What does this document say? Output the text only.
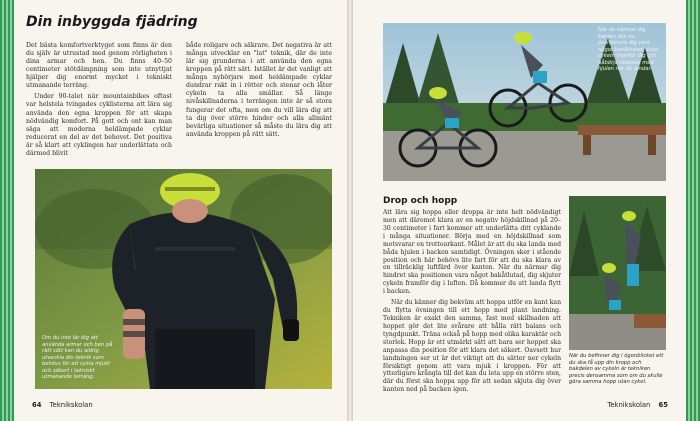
Din inbyggda fjädring

Det bästa komfortverktyget som finns är den du själv är utrustad med genom rörligheten i dina armar och ben. Du finns 40–50 centimeter stötdämpning som inte utnyttjat hjälper dig enormt mycket i tekniskt utmanande terräng.

Under 90-talet när mountainbikes oftast var helstela tvingades cyklisterna att lära sig använda den egna kroppen för att skapa nödvändig komfort. På gott och ont kan man säga att moderna heldämpade cyklar reducerat en del av det behovet. Det positiva är så klart att cyklingen har underlättats och därmed blivit

både roligare och säkrare. Det negativa är att många utvecklar en "lat" teknik, där de inte lär sig grunderna i att använda den egna kroppen på rätt sätt. Istället är det vanligt att många nybörjare med heldämpade cyklar dundrar rakt in i rötter och stenar och låter cykeln ta alla smällar. Så länge nivåskillnaderna i terrängen inte är så stora fungerar det ofta, men om du vill lära dig att ta dig över större hinder och alla allmänt bevärliga situationer så måste du lära dig att använda kroppen på rätt sätt.

Om du inte lär dig att använda armar och ben på rätt sätt kan du aldrig utveckla din teknik som behövs för att cykla mjukt och säkert i tekniskt utmanande terräng.
64 Teknikskolan
När du närmar dig kanten ska du positionera dig vara något bakåtlutad, skjut cykeln framför dig och påbörja rörelsen med hjulen när du landar.
Drop och hopp

Att lära sig hoppa eller droppa är inte helt nödvändigt men att däremot klara av en negativ höjdskillnad på 20–30 centimeter i fart kommer att underlätta ditt cyklande i många situationer. Börja med en höjdskillnad som motsvarar en trottoarkant. Målet är att du ska landa med båda hjulen i backen samtidigt. Övningen sker i stående position och här behövs lite fart för att du ska klara av en tillräcklig luftfärd över kanten. När du närmar dig hindret ska positionen vara något bakåtlutad, dig skjuter cykeln framför dig i luften. Då kommer du att landa flytt i backen.

När du känner dig bekväm att hoppa utför en kant kan du flytta övningen till ett hopp med plant landning. Tekniken är exakt den samma, fast med skillnaden att hoppet gör det lite svårare att hålla rätt balans och tyngdpunkt. Träna också på hopp med olika karaktär och storlek. Hopp är ett utmärkt sätt att bara ser hoppet ska anpassa din position för att klara det säkert. Oavsett hur landningen ser ut är det viktigt att du sätter ner cykeln försiktigt genom att vara mjuk i kroppen. För att ytterligare krångla till det kan du leta upp en större sten, där du först ska hoppa upp för att sedan skjuta dig över kanten ned på backen igen.

När du befinner dig i ögonblicket ett du ska få upp din kropp och bakdelen av cykeln är tekniken precis densamma som om du skulle göra samma hopp utan cykel.
Teknikskolan 65
